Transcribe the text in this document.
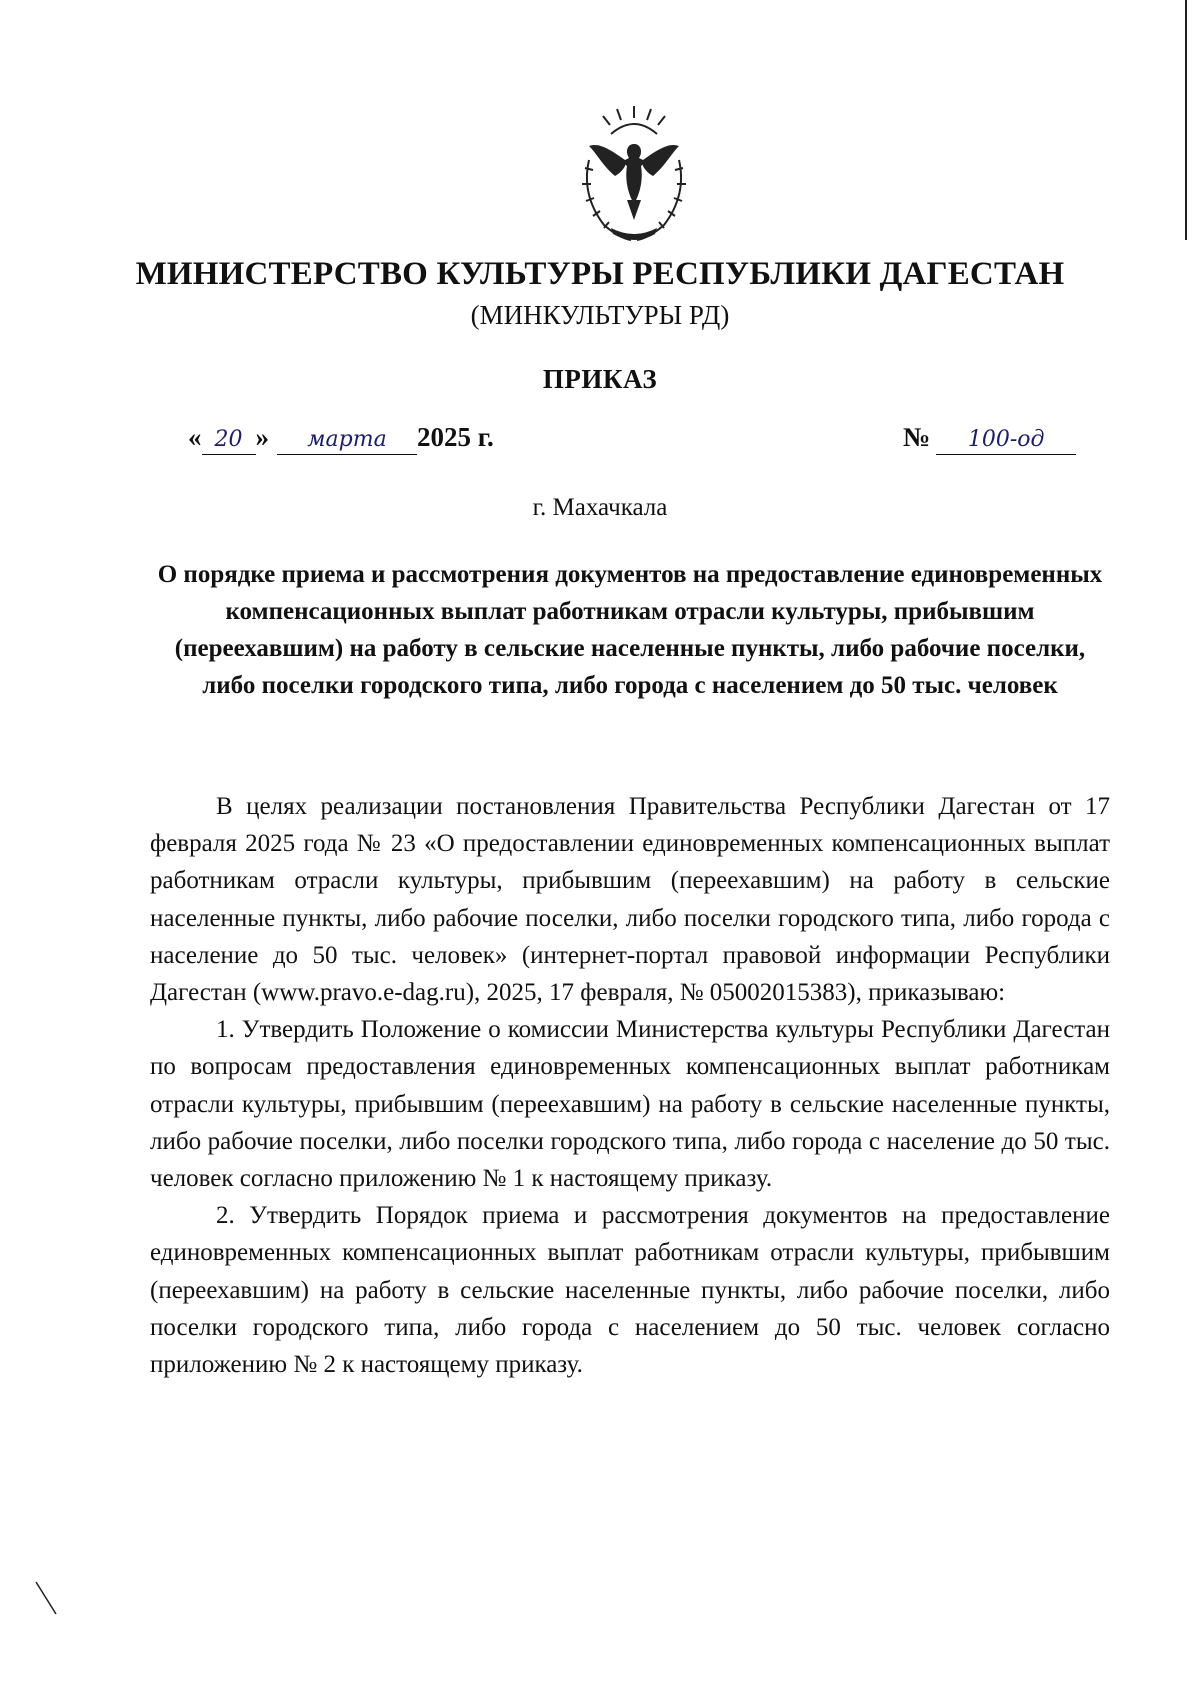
МИНИСТЕРСТВО КУЛЬТУРЫ РЕСПУБЛИКИ ДАГЕСТАН
(МИНКУЛЬТУРЫ РД)
ПРИКАЗ
« 20 » марта 2025 г.	№ 100-од
г. Махачкала
О порядке приема и рассмотрения документов на предоставление единовременных компенсационных выплат работникам отрасли культуры, прибывшим (переехавшим) на работу в сельские населенные пункты, либо рабочие поселки, либо поселки городского типа, либо города с населением до 50 тыс. человек

В целях реализации постановления Правительства Республики Дагестан от 17 февраля 2025 года № 23 «О предоставлении единовременных компенсационных выплат работникам отрасли культуры, прибывшим (переехавшим) на работу в сельские населенные пункты, либо рабочие поселки, либо поселки городского типа, либо города с население до 50 тыс. человек» (интернет-портал правовой информации Республики Дагестан (www.pravo.e-dag.ru), 2025, 17 февраля, № 05002015383), приказываю:

1. Утвердить Положение о комиссии Министерства культуры Республики Дагестан по вопросам предоставления единовременных компенсационных выплат работникам отрасли культуры, прибывшим (переехавшим) на работу в сельские населенные пункты, либо рабочие поселки, либо поселки городского типа, либо города с население до 50 тыс. человек согласно приложению № 1 к настоящему приказу.

2. Утвердить Порядок приема и рассмотрения документов на предоставление единовременных компенсационных выплат работникам отрасли культуры, прибывшим (переехавшим) на работу в сельские населенные пункты, либо рабочие поселки, либо поселки городского типа, либо города с населением до 50 тыс. человек согласно приложению № 2 к настоящему приказу.
